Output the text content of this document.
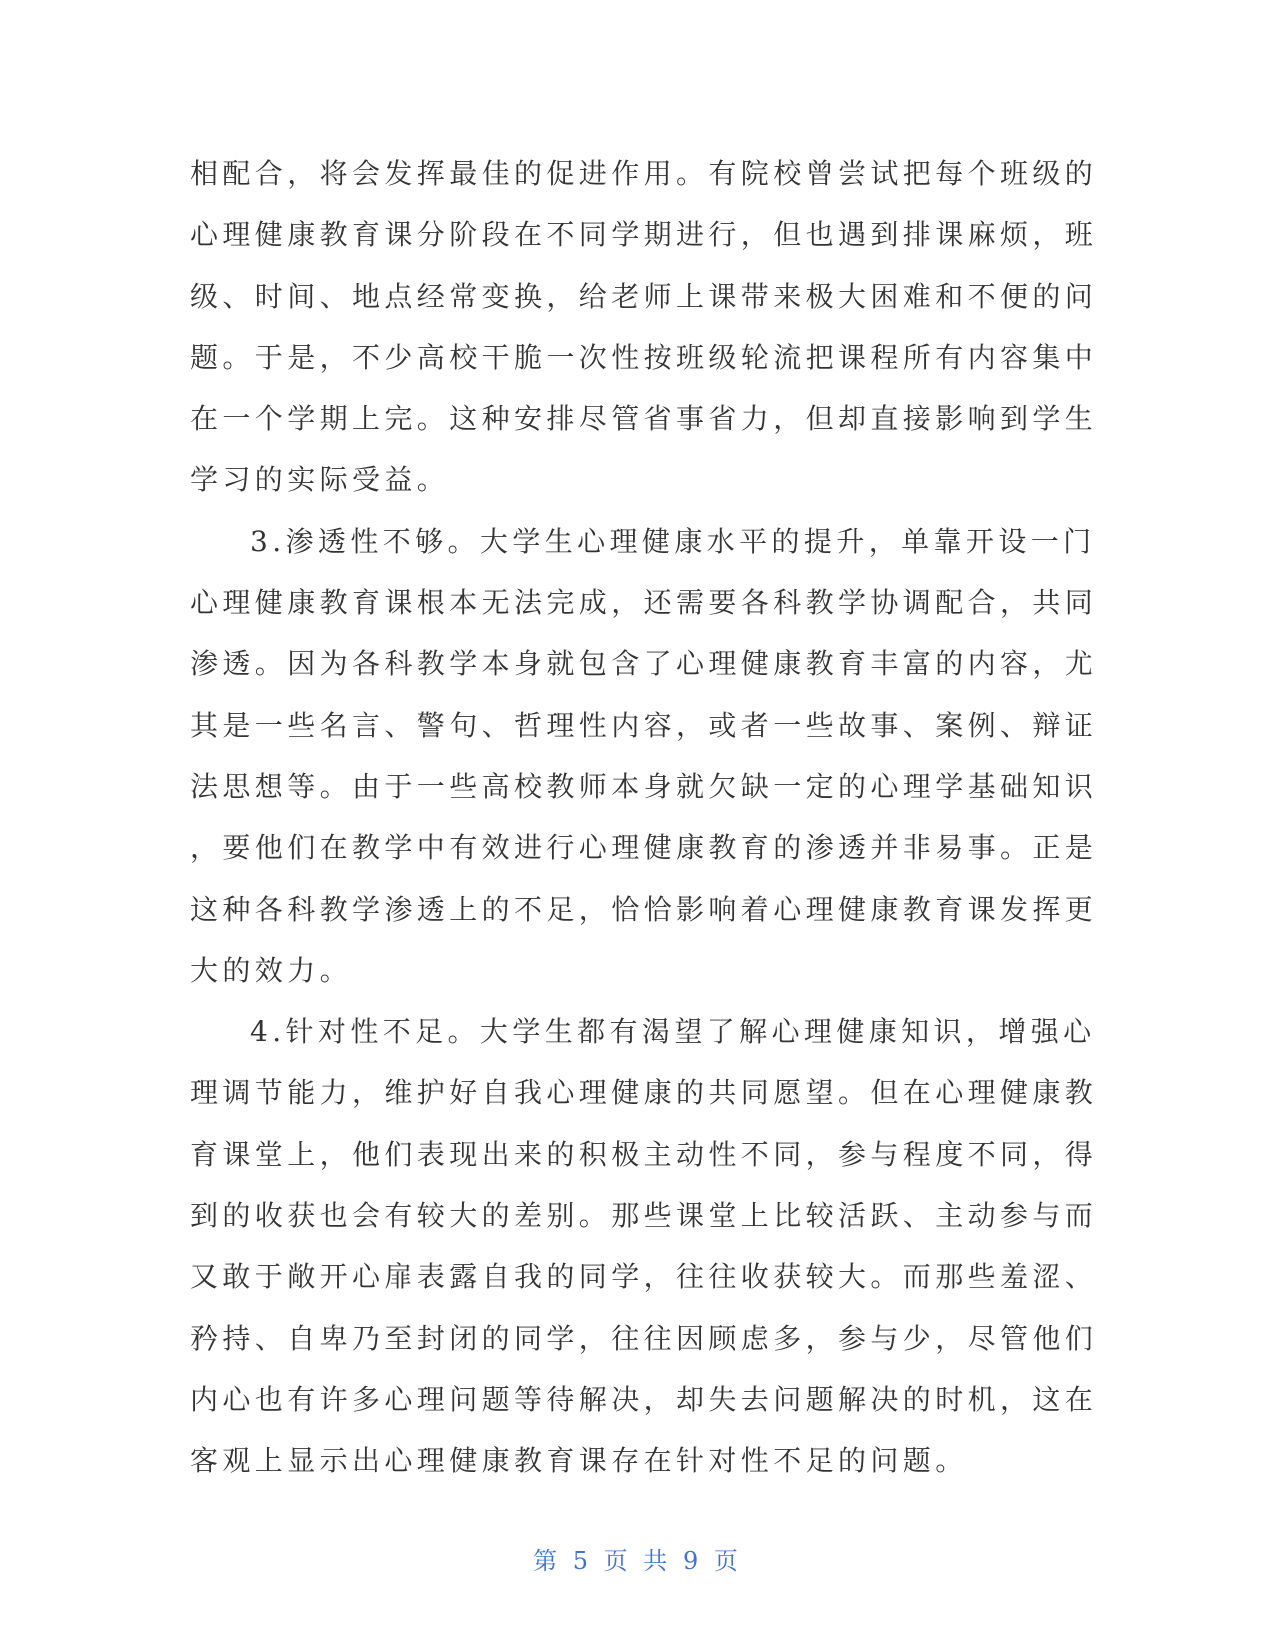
相配合，将会发挥最佳的促进作用。有院校曾尝试把每个班级的
心理健康教育课分阶段在不同学期进行，但也遇到排课麻烦，班
级、时间、地点经常变换，给老师上课带来极大困难和不便的问
题。于是，不少高校干脆一次性按班级轮流把课程所有内容集中
在一个学期上完。这种安排尽管省事省力，但却直接影响到学生
学习的实际受益。

3.渗透性不够。大学生心理健康水平的提升，单靠开设一门
心理健康教育课根本无法完成，还需要各科教学协调配合，共同
渗透。因为各科教学本身就包含了心理健康教育丰富的内容，尤
其是一些名言、警句、哲理性内容，或者一些故事、案例、辩证
法思想等。由于一些高校教师本身就欠缺一定的心理学基础知识
，要他们在教学中有效进行心理健康教育的渗透并非易事。正是
这种各科教学渗透上的不足，恰恰影响着心理健康教育课发挥更
大的效力。

4.针对性不足。大学生都有渴望了解心理健康知识，增强心
理调节能力，维护好自我心理健康的共同愿望。但在心理健康教
育课堂上，他们表现出来的积极主动性不同，参与程度不同，得
到的收获也会有较大的差别。那些课堂上比较活跃、主动参与而
又敢于敞开心扉表露自我的同学，往往收获较大。而那些羞涩、
矜持、自卑乃至封闭的同学，往往因顾虑多，参与少，尽管他们
内心也有许多心理问题等待解决，却失去问题解决的时机，这在
客观上显示出心理健康教育课存在针对性不足的问题。

第 5 页 共 9 页
